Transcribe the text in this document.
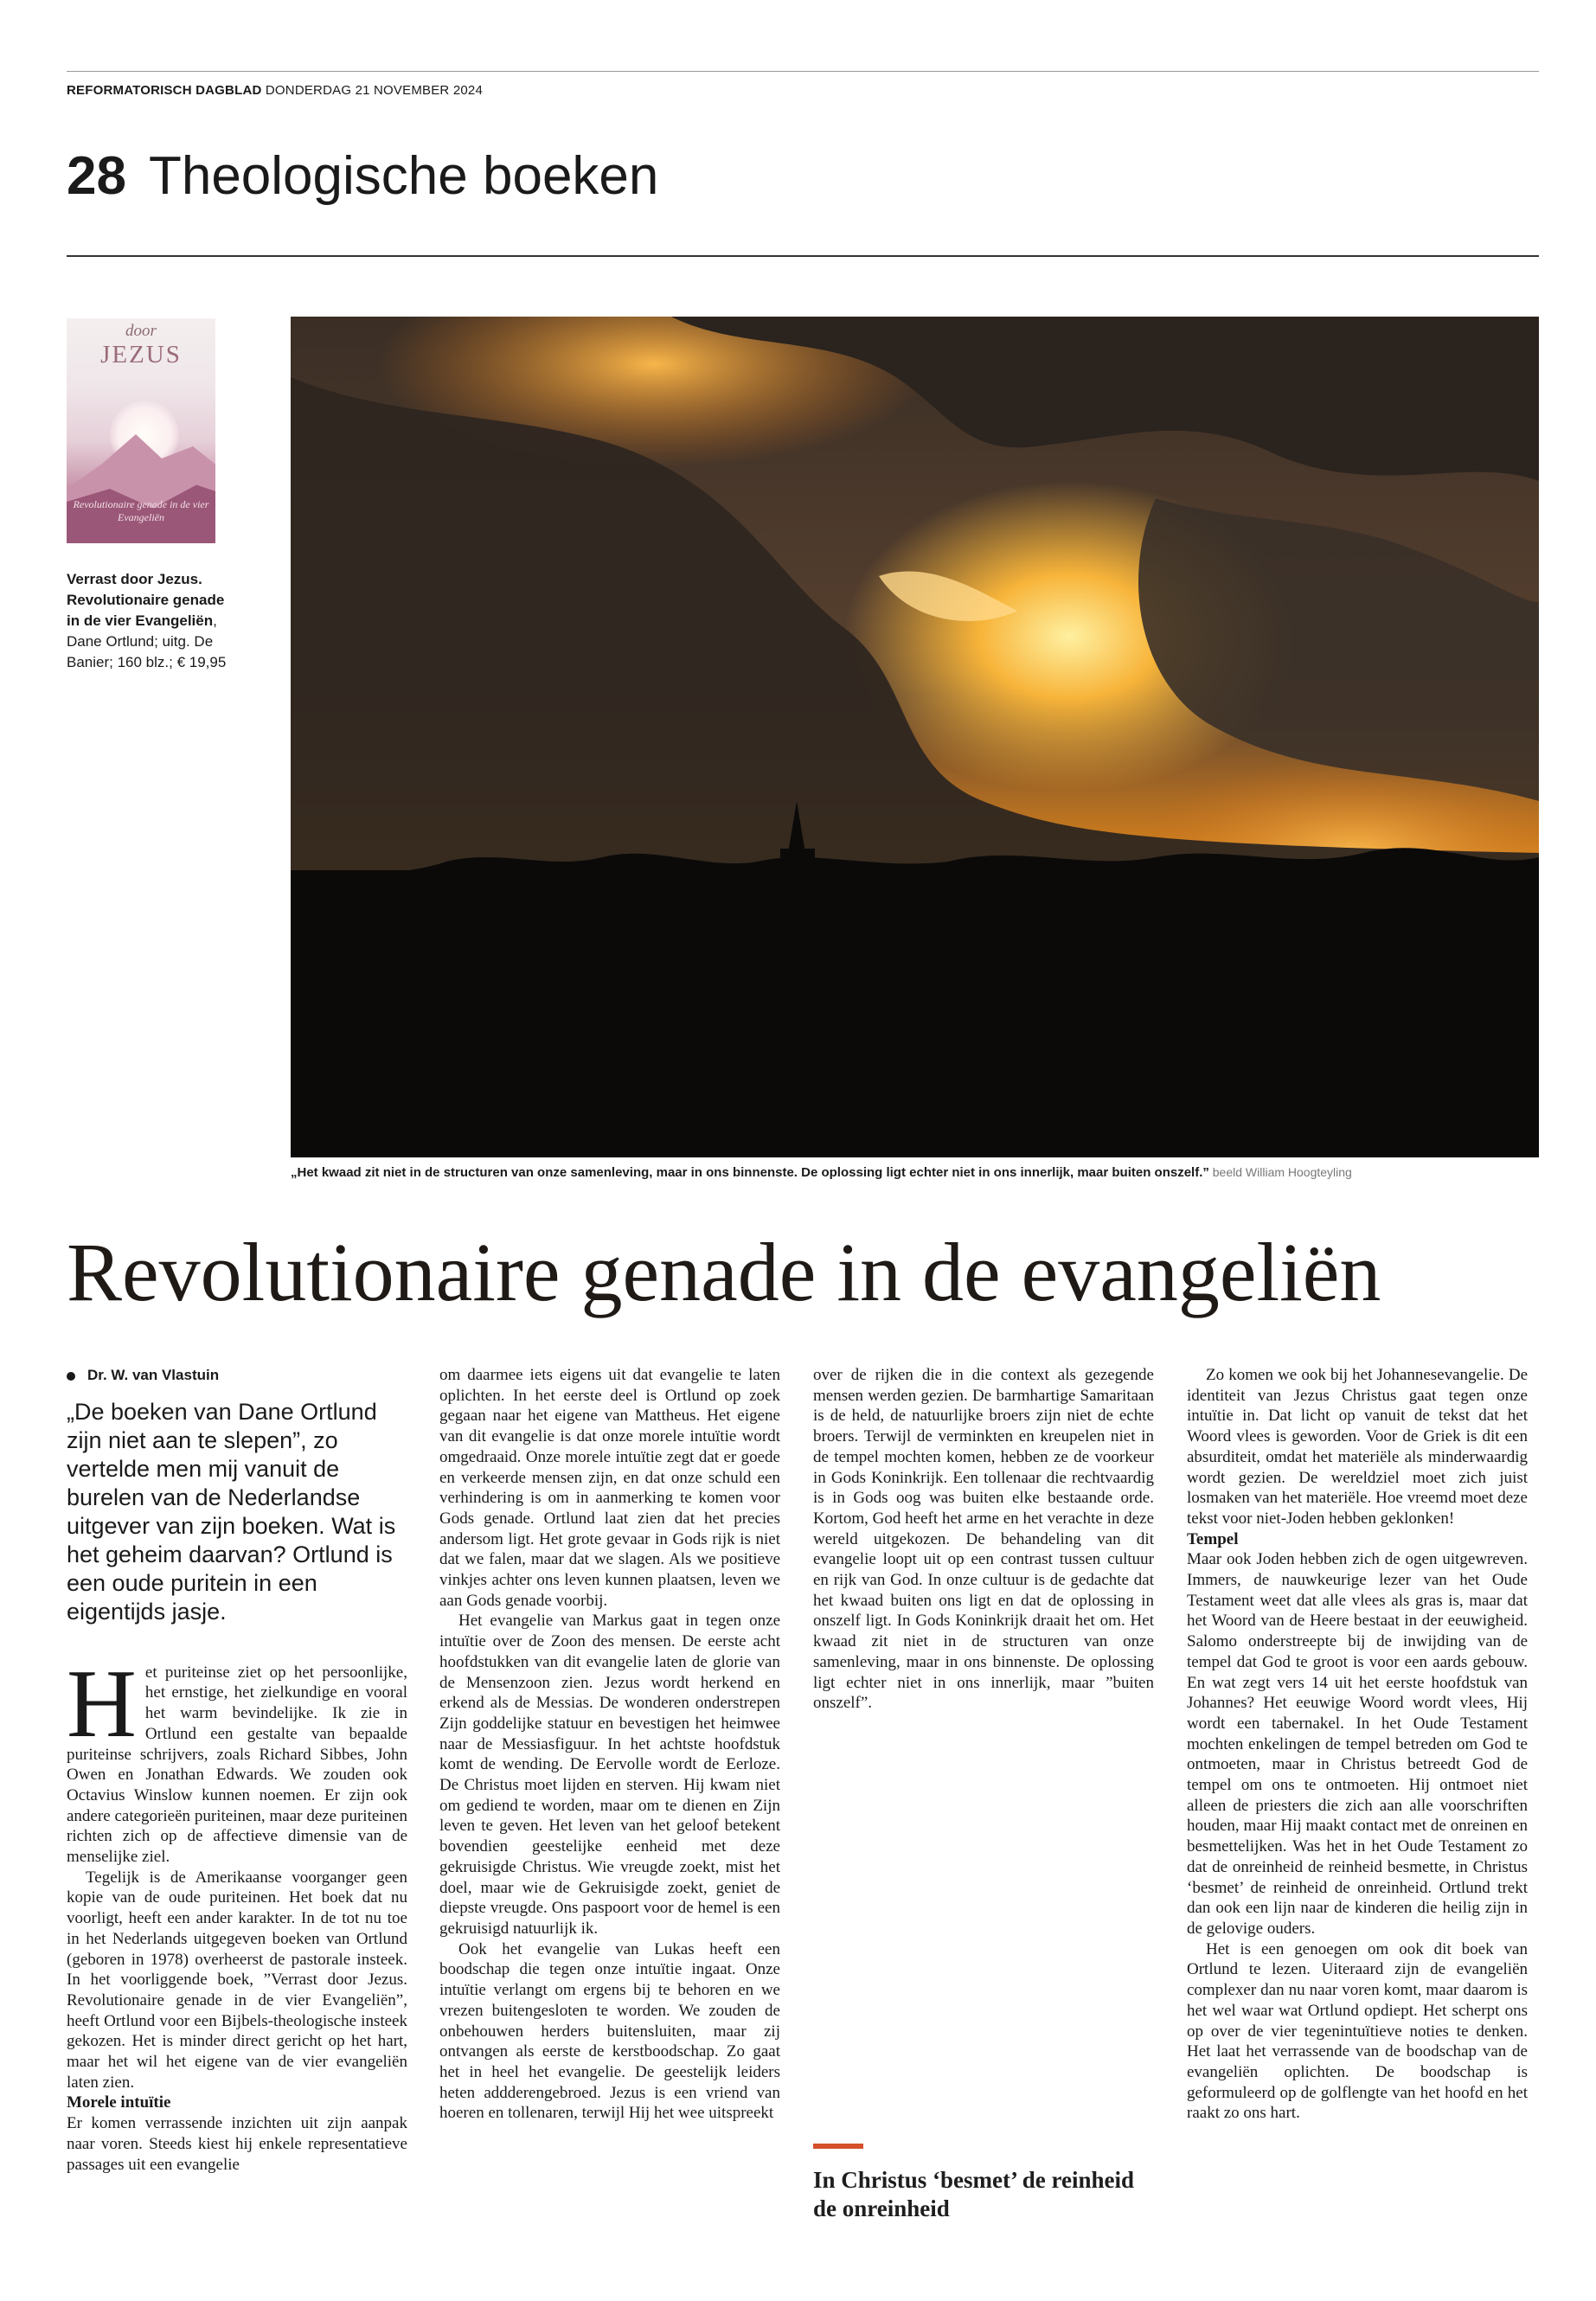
REFORMATORISCH DAGBLAD DONDERDAG 21 NOVEMBER 2024
28 Theologische boeken
door
JEZUS
Revolutionaire genade in de vier Evangeliën
Verrast door Jezus. Revolutionaire genade in de vier Evangeliën, Dane Ortlund; uitg. De Banier; 160 blz.; € 19,95
„Het kwaad zit niet in de structuren van onze samenleving, maar in ons binnenste. De oplossing ligt echter niet in ons innerlijk, maar buiten onszelf.” beeld William Hoogteyling
Revolutionaire genade in de evangeliën
Dr. W. van Vlastuin
„De boeken van Dane Ortlund zijn niet aan te slepen”, zo vertelde men mij vanuit de burelen van de Nederlandse uitgever van zijn boeken. Wat is het geheim daarvan? Ortlund is een oude puritein in een eigentijds jasje.

Het puriteinse ziet op het persoonlijke, het ernstige, het zielkundige en vooral het warm bevindelijke. Ik zie in Ortlund een gestalte van bepaalde puriteinse schrijvers, zoals Richard Sibbes, John Owen en Jonathan Edwards. We zouden ook Octavius Winslow kunnen noemen. Er zijn ook andere categorieën puriteinen, maar deze puriteinen richten zich op de affectieve dimensie van de menselijke ziel.

Tegelijk is de Amerikaanse voorganger geen kopie van de oude puriteinen. Het boek dat nu voorligt, heeft een ander karakter. In de tot nu toe in het Nederlands uitgegeven boeken van Ortlund (geboren in 1978) overheerst de pastorale insteek. In het voorliggende boek, ”Verrast door Jezus. Revolutionaire genade in de vier Evangeliën”, heeft Ortlund voor een Bijbels-theologische insteek gekozen. Het is minder direct gericht op het hart, maar het wil het eigene van de vier evangeliën laten zien.

Morele intuïtie

Er komen verrassende inzichten uit zijn aanpak naar voren. Steeds kiest hij enkele representatieve passages uit een evangelie

om daarmee iets eigens uit dat evangelie te laten oplichten. In het eerste deel is Ortlund op zoek gegaan naar het eigene van Mattheus. Het eigene van dit evangelie is dat onze morele intuïtie wordt omgedraaid. Onze morele intuïtie zegt dat er goede en verkeerde mensen zijn, en dat onze schuld een verhindering is om in aanmerking te komen voor Gods genade. Ortlund laat zien dat het precies andersom ligt. Het grote gevaar in Gods rijk is niet dat we falen, maar dat we slagen. Als we positieve vinkjes achter ons leven kunnen plaatsen, leven we aan Gods genade voorbij.

Het evangelie van Markus gaat in tegen onze intuïtie over de Zoon des mensen. De eerste acht hoofdstukken van dit evangelie laten de glorie van de Mensenzoon zien. Jezus wordt herkend en erkend als de Messias. De wonderen onderstrepen Zijn goddelijke statuur en bevestigen het heimwee naar de Messiasfiguur. In het achtste hoofdstuk komt de wending. De Eervolle wordt de Eerloze. De Christus moet lijden en sterven. Hij kwam niet om gediend te worden, maar om te dienen en Zijn leven te geven. Het leven van het geloof betekent bovendien geestelijke eenheid met deze gekruisigde Christus. Wie vreugde zoekt, mist het doel, maar wie de Gekruisigde zoekt, geniet de diepste vreugde. Ons paspoort voor de hemel is een gekruisigd natuurlijk ik.

Ook het evangelie van Lukas heeft een boodschap die tegen onze intuïtie ingaat. Onze intuïtie verlangt om ergens bij te behoren en we vrezen buitengesloten te worden. We zouden de onbehouwen herders buitensluiten, maar zij ontvangen als eerste de kerstboodschap. Zo gaat het in heel het evangelie. De geestelijk leiders heten addderengebroed. Jezus is een vriend van hoeren en tollenaren, terwijl Hij het wee uitspreekt

over de rijken die in die context als gezegende mensen werden gezien. De barmhartige Samaritaan is de held, de natuurlijke broers zijn niet de echte broers. Terwijl de verminkten en kreupelen niet in de tempel mochten komen, hebben ze de voorkeur in Gods Koninkrijk. Een tollenaar die rechtvaardig is in Gods oog was buiten elke bestaande orde. Kortom, God heeft het arme en het verachte in deze wereld uitgekozen. De behandeling van dit evangelie loopt uit op een contrast tussen cultuur en rijk van God. In onze cultuur is de gedachte dat het kwaad buiten ons ligt en dat de oplossing in onszelf ligt. In Gods Koninkrijk draait het om. Het kwaad zit niet in de structuren van onze samenleving, maar in ons binnenste. De oplossing ligt echter niet in ons innerlijk, maar ”buiten onszelf”.

In Christus ‘besmet’ de reinheid de onreinheid

Zo komen we ook bij het Johannesevangelie. De identiteit van Jezus Christus gaat tegen onze intuïtie in. Dat licht op vanuit de tekst dat het Woord vlees is geworden. Voor de Griek is dit een absurditeit, omdat het materiële als minderwaardig wordt gezien. De wereldziel moet zich juist losmaken van het materiële. Hoe vreemd moet deze tekst voor niet-Joden hebben geklonken!

Tempel

Maar ook Joden hebben zich de ogen uitgewreven. Immers, de nauwkeurige lezer van het Oude Testament weet dat alle vlees als gras is, maar dat het Woord van de Heere bestaat in der eeuwigheid. Salomo onderstreepte bij de inwijding van de tempel dat God te groot is voor een aards gebouw. En wat zegt vers 14 uit het eerste hoofdstuk van Johannes? Het eeuwige Woord wordt vlees, Hij wordt een tabernakel. In het Oude Testament mochten enkelingen de tempel betreden om God te ontmoeten, maar in Christus betreedt God de tempel om ons te ontmoeten. Hij ontmoet niet alleen de priesters die zich aan alle voorschriften houden, maar Hij maakt contact met de onreinen en besmettelijken. Was het in het Oude Testament zo dat de onreinheid de reinheid besmette, in Christus ‘besmet’ de reinheid de onreinheid. Ortlund trekt dan ook een lijn naar de kinderen die heilig zijn in de gelovige ouders.

Het is een genoegen om ook dit boek van Ortlund te lezen. Uiteraard zijn de evangeliën complexer dan nu naar voren komt, maar daarom is het wel waar wat Ortlund opdiept. Het scherpt ons op over de vier tegenintuïtieve noties te denken. Het laat het verrassende van de boodschap van de evangeliën oplichten. De boodschap is geformuleerd op de golflengte van het hoofd en het raakt zo ons hart.
